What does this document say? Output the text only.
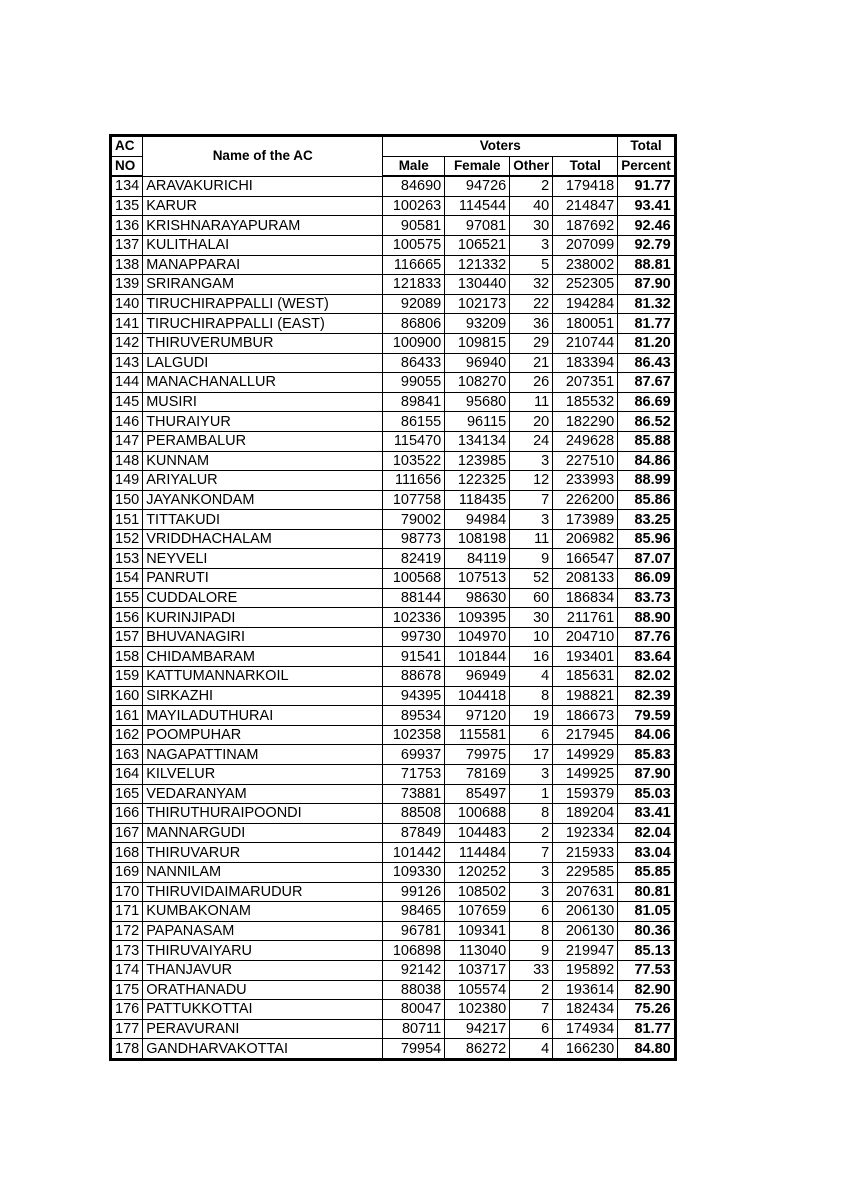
AC	Name of the AC	Voters				Total
NO		Male	Female	Other	Total	Percent
134	ARAVAKURICHI	84690	94726	2	179418	91.77
135	KARUR	100263	114544	40	214847	93.41
136	KRISHNARAYAPURAM	90581	97081	30	187692	92.46
137	KULITHALAI	100575	106521	3	207099	92.79
138	MANAPPARAI	116665	121332	5	238002	88.81
139	SRIRANGAM	121833	130440	32	252305	87.90
140	TIRUCHIRAPPALLI (WEST)	92089	102173	22	194284	81.32
141	TIRUCHIRAPPALLI (EAST)	86806	93209	36	180051	81.77
142	THIRUVERUMBUR	100900	109815	29	210744	81.20
143	LALGUDI	86433	96940	21	183394	86.43
144	MANACHANALLUR	99055	108270	26	207351	87.67
145	MUSIRI	89841	95680	11	185532	86.69
146	THURAIYUR	86155	96115	20	182290	86.52
147	PERAMBALUR	115470	134134	24	249628	85.88
148	KUNNAM	103522	123985	3	227510	84.86
149	ARIYALUR	111656	122325	12	233993	88.99
150	JAYANKONDAM	107758	118435	7	226200	85.86
151	TITTAKUDI	79002	94984	3	173989	83.25
152	VRIDDHACHALAM	98773	108198	11	206982	85.96
153	NEYVELI	82419	84119	9	166547	87.07
154	PANRUTI	100568	107513	52	208133	86.09
155	CUDDALORE	88144	98630	60	186834	83.73
156	KURINJIPADI	102336	109395	30	211761	88.90
157	BHUVANAGIRI	99730	104970	10	204710	87.76
158	CHIDAMBARAM	91541	101844	16	193401	83.64
159	KATTUMANNARKOIL	88678	96949	4	185631	82.02
160	SIRKAZHI	94395	104418	8	198821	82.39
161	MAYILADUTHURAI	89534	97120	19	186673	79.59
162	POOMPUHAR	102358	115581	6	217945	84.06
163	NAGAPATTINAM	69937	79975	17	149929	85.83
164	KILVELUR	71753	78169	3	149925	87.90
165	VEDARANYAM	73881	85497	1	159379	85.03
166	THIRUTHURAIPOONDI	88508	100688	8	189204	83.41
167	MANNARGUDI	87849	104483	2	192334	82.04
168	THIRUVARUR	101442	114484	7	215933	83.04
169	NANNILAM	109330	120252	3	229585	85.85
170	THIRUVIDAIMARUDUR	99126	108502	3	207631	80.81
171	KUMBAKONAM	98465	107659	6	206130	81.05
172	PAPANASAM	96781	109341	8	206130	80.36
173	THIRUVAIYARU	106898	113040	9	219947	85.13
174	THANJAVUR	92142	103717	33	195892	77.53
175	ORATHANADU	88038	105574	2	193614	82.90
176	PATTUKKOTTAI	80047	102380	7	182434	75.26
177	PERAVURANI	80711	94217	6	174934	81.77
178	GANDHARVAKOTTAI	79954	86272	4	166230	84.80
